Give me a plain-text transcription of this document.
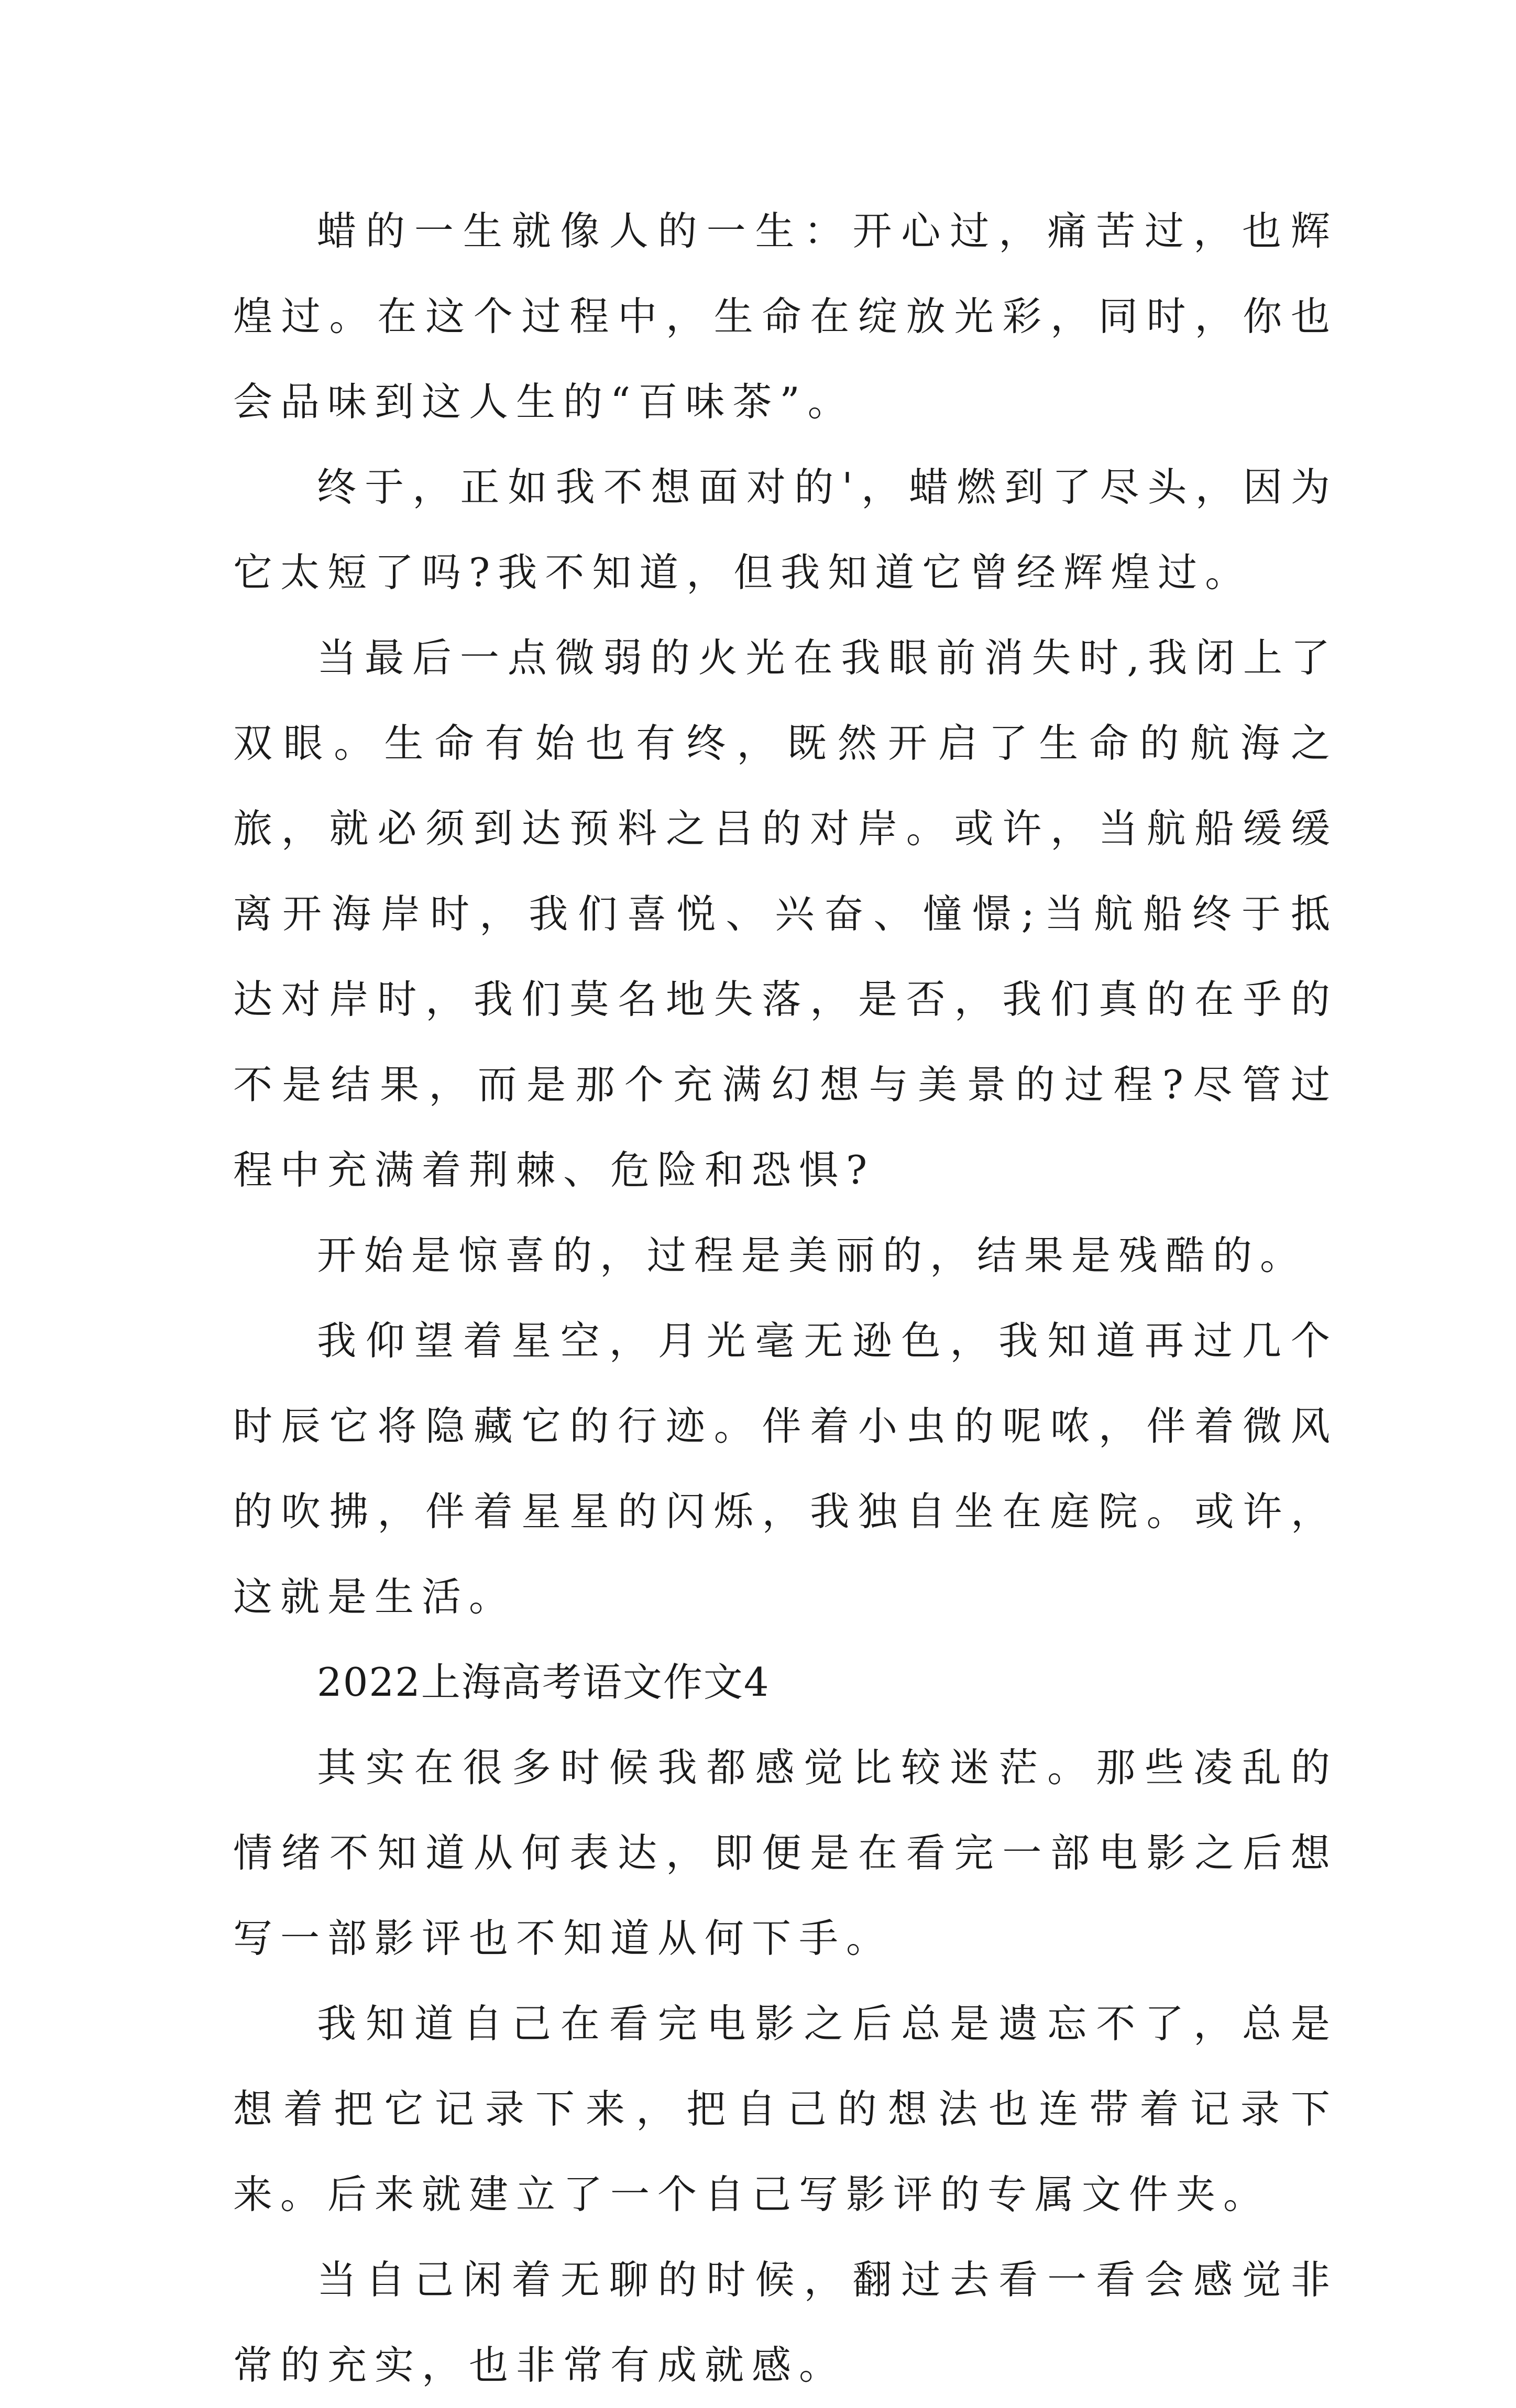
蜡的一生就像人的一生：开心过，痛苦过，也辉煌过。在这个过程中，生命在绽放光彩，同时，你也会品味到这人生的“百味茶”。

终于，正如我不想面对的'，蜡燃到了尽头，因为它太短了吗?我不知道，但我知道它曾经辉煌过。

当最后一点微弱的火光在我眼前消失时,我闭上了双眼。生命有始也有终，既然开启了生命的航海之旅，就必须到达预料之吕的对岸。或许，当航船缓缓离开海岸时，我们喜悦、兴奋、憧憬;当航船终于抵达对岸时，我们莫名地失落，是否，我们真的在乎的不是结果，而是那个充满幻想与美景的过程?尽管过程中充满着荆棘、危险和恐惧?

开始是惊喜的，过程是美丽的，结果是残酷的。

我仰望着星空，月光毫无逊色，我知道再过几个时辰它将隐藏它的行迹。伴着小虫的呢哝，伴着微风的吹拂，伴着星星的闪烁，我独自坐在庭院。或许，这就是生活。

2022上海高考语文作文4

其实在很多时候我都感觉比较迷茫。那些凌乱的情绪不知道从何表达，即便是在看完一部电影之后想写一部影评也不知道从何下手。

我知道自己在看完电影之后总是遗忘不了，总是想着把它记录下来，把自己的想法也连带着记录下来。后来就建立了一个自己写影评的专属文件夹。

当自己闲着无聊的时候，翻过去看一看会感觉非常的充实，也非常有成就感。
